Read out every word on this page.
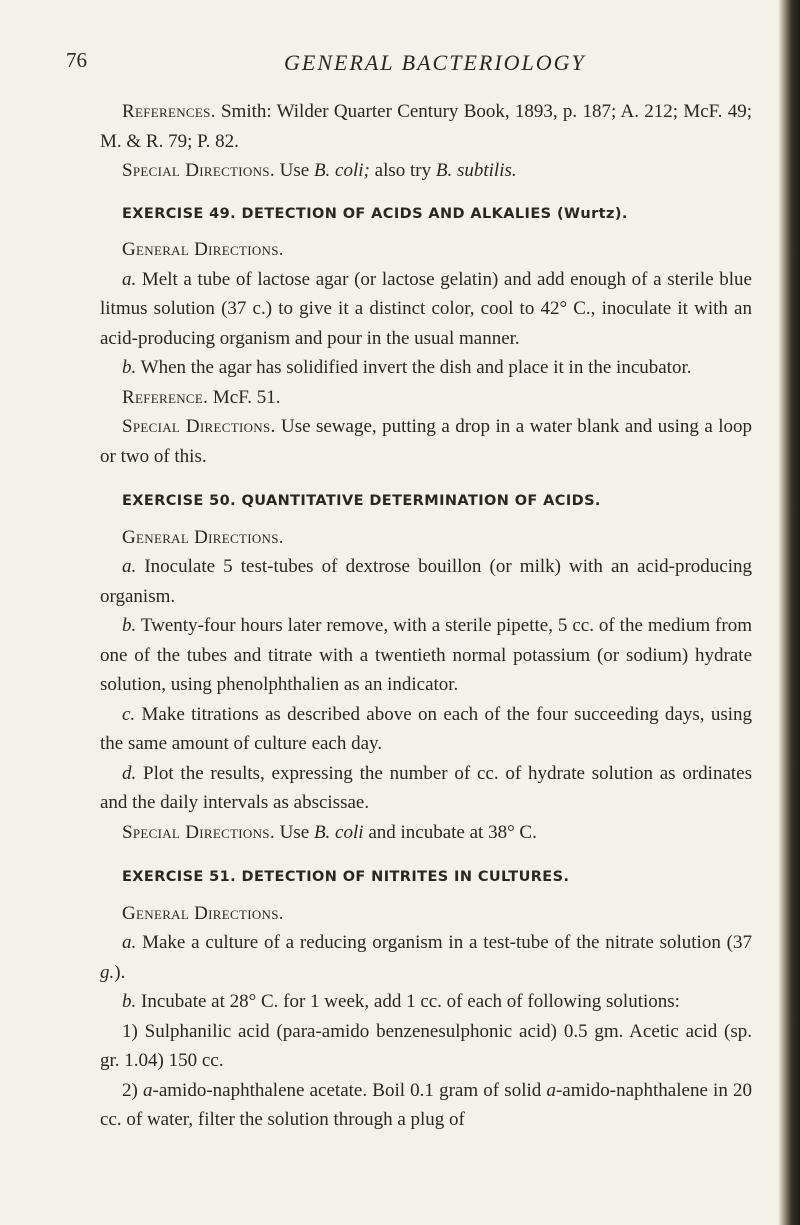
76	GENERAL BACTERIOLOGY

References. Smith: Wilder Quarter Century Book, 1893, p. 187; A. 212; McF. 49; M. & R. 79; P. 82.

Special Directions. Use B. coli; also try B. subtilis.

EXERCISE 49. DETECTION OF ACIDS AND ALKALIES (Wurtz).

General Directions.

a. Melt a tube of lactose agar (or lactose gelatin) and add enough of a sterile blue litmus solution (37 c.) to give it a distinct color, cool to 42° C., inoculate it with an acid-producing organism and pour in the usual manner.

b. When the agar has solidified invert the dish and place it in the incubator.

Reference. McF. 51.

Special Directions. Use sewage, putting a drop in a water blank and using a loop or two of this.

EXERCISE 50. QUANTITATIVE DETERMINATION OF ACIDS.

General Directions.

a. Inoculate 5 test-tubes of dextrose bouillon (or milk) with an acid-producing organism.

b. Twenty-four hours later remove, with a sterile pipette, 5 cc. of the medium from one of the tubes and titrate with a twentieth normal potassium (or sodium) hydrate solution, using phenolphthalien as an indicator.

c. Make titrations as described above on each of the four succeeding days, using the same amount of culture each day.

d. Plot the results, expressing the number of cc. of hydrate solution as ordinates and the daily intervals as abscissae.

Special Directions. Use B. coli and incubate at 38° C.

EXERCISE 51. DETECTION OF NITRITES IN CULTURES.

General Directions.

a. Make a culture of a reducing organism in a test-tube of the nitrate solution (37 g.).

b. Incubate at 28° C. for 1 week, add 1 cc. of each of following solutions:

1) Sulphanilic acid (para-amido benzenesulphonic acid) 0.5 gm. Acetic acid (sp. gr. 1.04) 150 cc.

2) a-amido-naphthalene acetate. Boil 0.1 gram of solid a-amido-naphthalene in 20 cc. of water, filter the solution through a plug of
